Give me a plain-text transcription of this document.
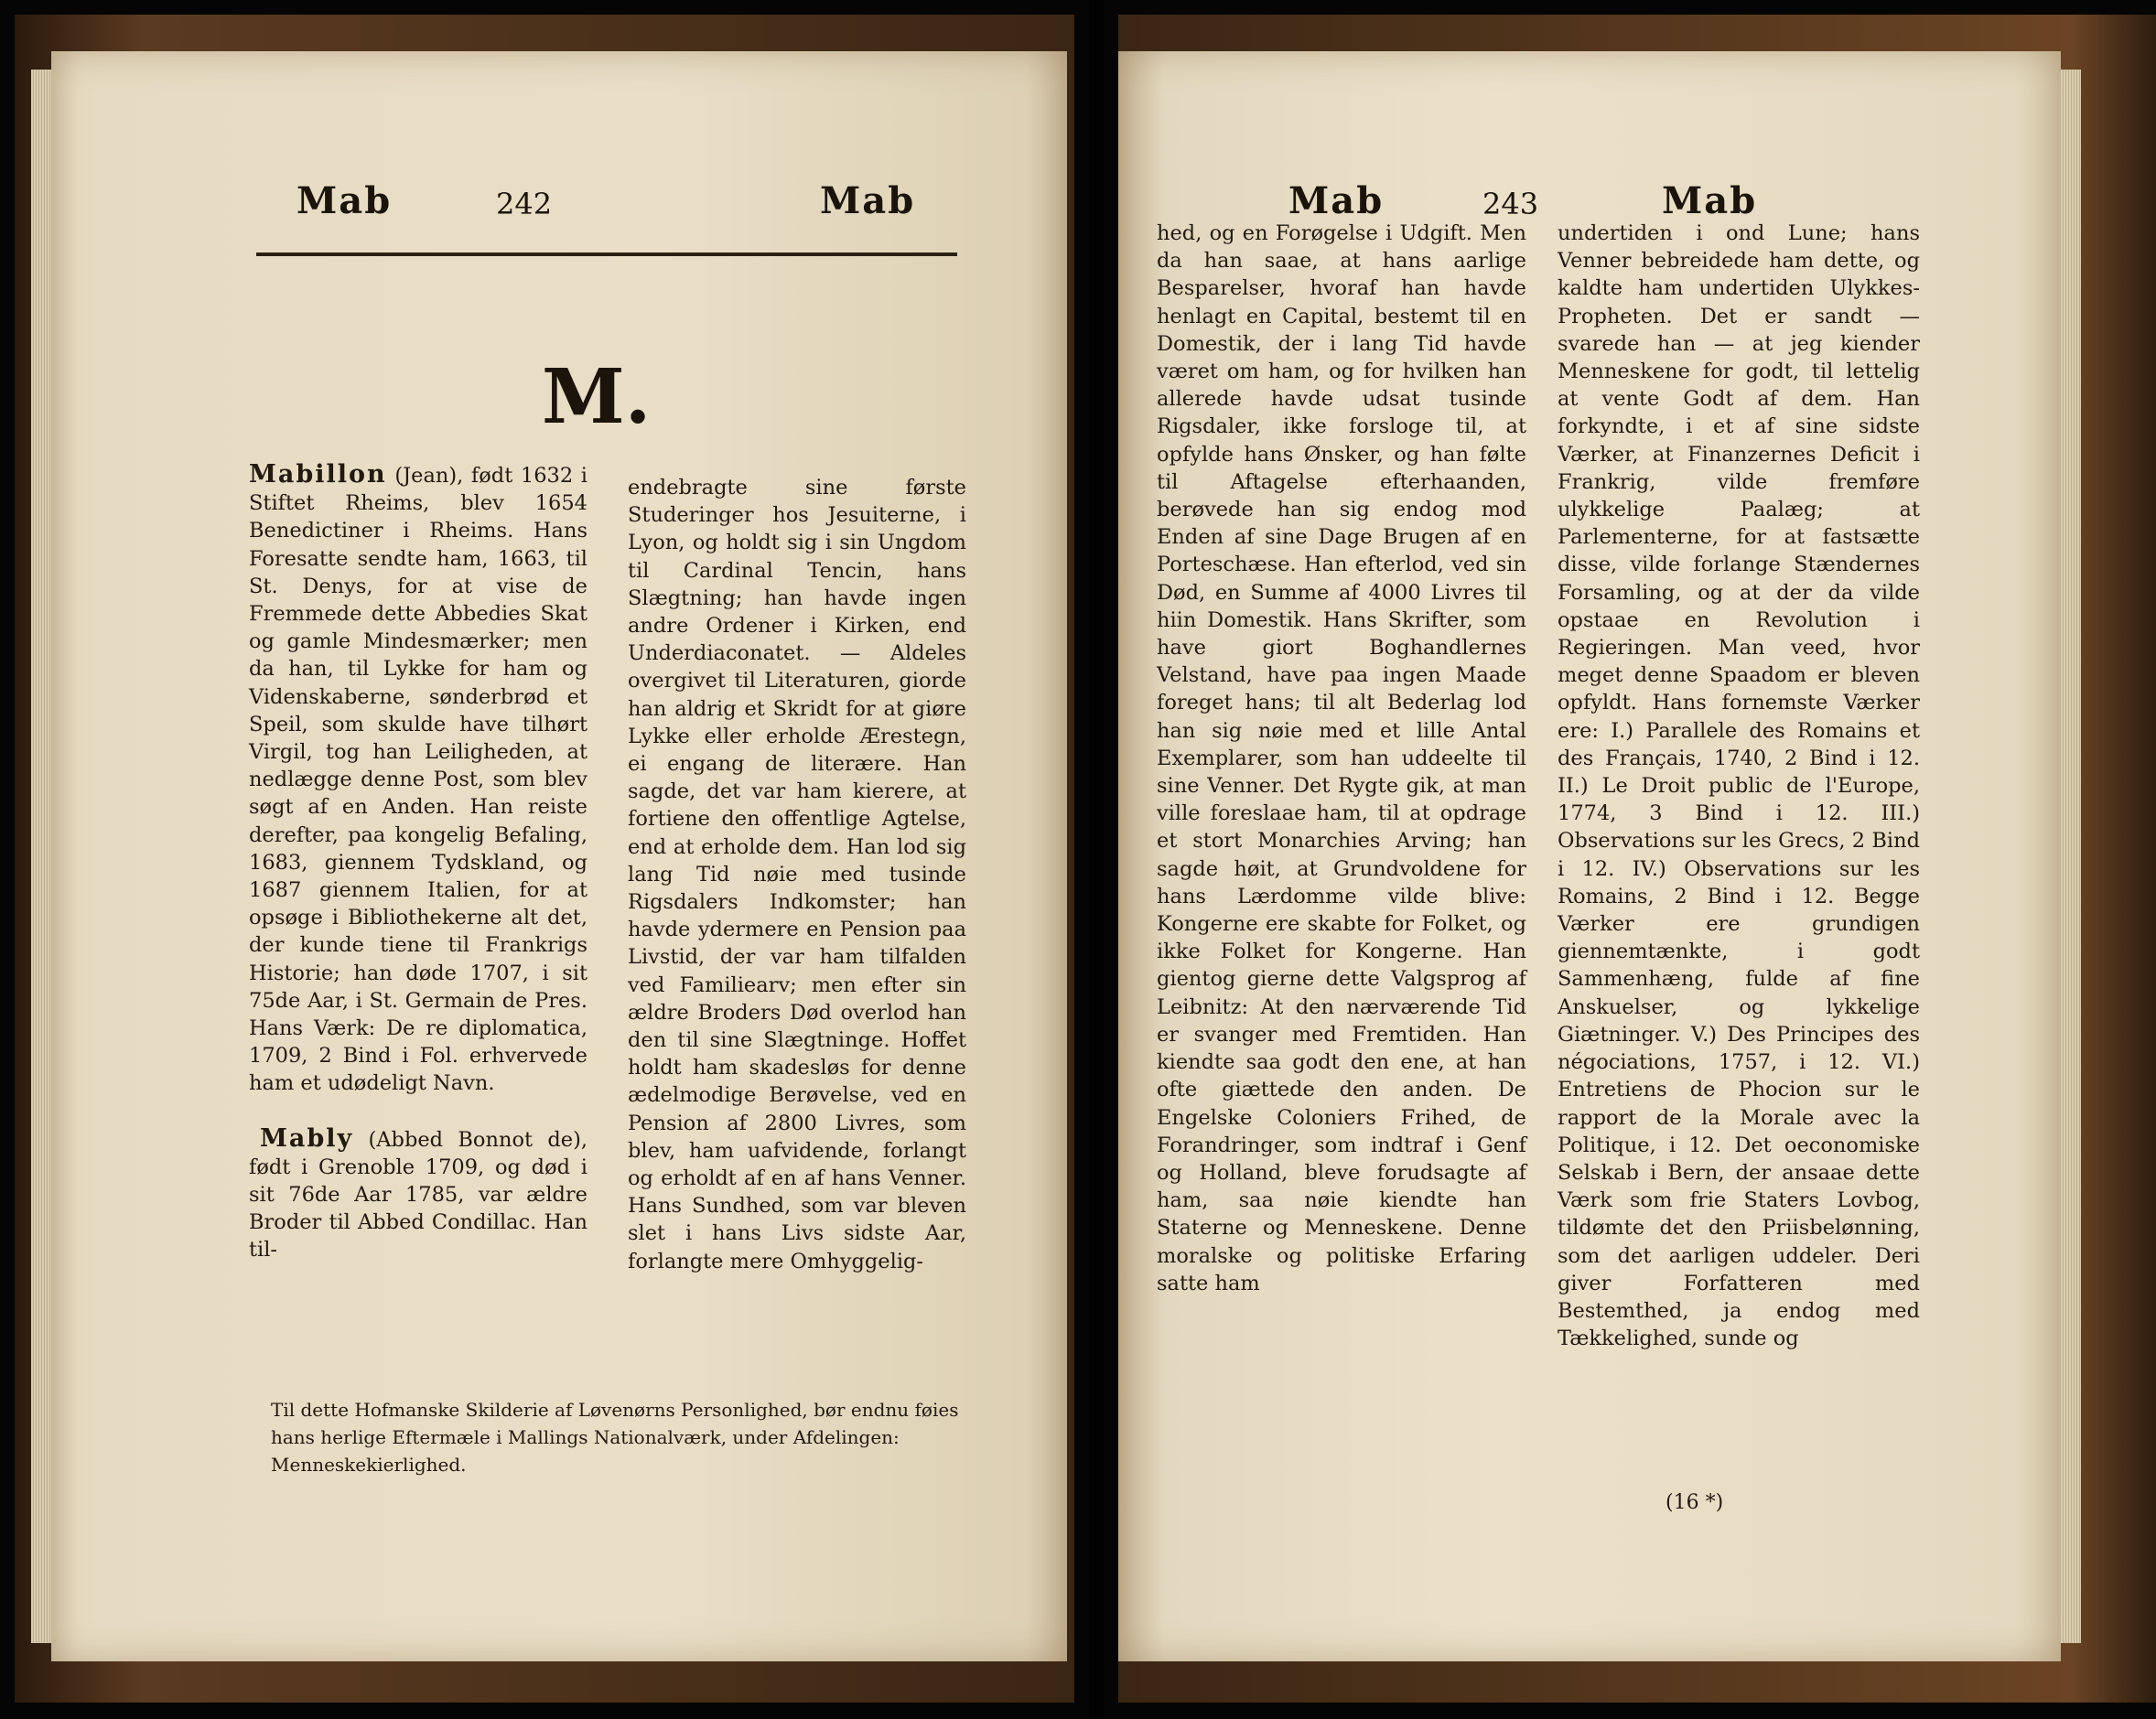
Mab	242	Mab
M.

Mabillon (Jean), født 1632 i Stiftet Rheims, blev 1654 Benedictiner i Rheims. Hans Foresatte sendte ham, 1663, til St. Denys, for at vise de Fremmede dette Abbedies Skat og gamle Mindesmærker; men da han, til Lykke for ham og Videnskaberne, sønderbrød et Speil, som skulde have tilhørt Virgil, tog han Leiligheden, at nedlægge denne Post, som blev søgt af en Anden. Han reiste derefter, paa kongelig Befaling, 1683, giennem Tydskland, og 1687 giennem Italien, for at opsøge i Bibliothekerne alt det, der kunde tiene til Frankrigs Historie; han døde 1707, i sit 75de Aar, i St. Germain de Pres. Hans Værk: De re diplomatica, 1709, 2 Bind i Fol. erhvervede ham et udødeligt Navn.

Mably (Abbed Bonnot de), født i Grenoble 1709, og død i sit 76de Aar 1785, var ældre Broder til Abbed Condillac. Han til-

endebragte sine første Studeringer hos Jesuiterne, i Lyon, og holdt sig i sin Ungdom til Cardinal Tencin, hans Slægtning; han havde ingen andre Ordener i Kirken, end Underdiaconatet. — Aldeles overgivet til Literaturen, giorde han aldrig et Skridt for at giøre Lykke eller erholde Ærestegn, ei engang de literære. Han sagde, det var ham kierere, at fortiene den offentlige Agtelse, end at erholde dem. Han lod sig lang Tid nøie med tusinde Rigsdalers Indkomster; han havde ydermere en Pension paa Livstid, der var ham tilfalden ved Familiearv; men efter sin ældre Broders Død overlod han den til sine Slægtninge. Hoffet holdt ham skadesløs for denne ædelmodige Berøvelse, ved en Pension af 2800 Livres, som blev, ham uafvidende, forlangt og erholdt af en af hans Venner. Hans Sundhed, som var bleven slet i hans Livs sidste Aar, forlangte mere Omhyggelig-

Til dette Hofmanske Skilderie af Løvenørns Personlighed, bør endnu føies hans herlige Eftermæle i Mallings Nationalværk, under Afdelingen: Menneskekierlighed.
Mab	243	Mab

hed, og en Forøgelse i Udgift. Men da han saae, at hans aarlige Besparelser, hvoraf han havde henlagt en Capital, bestemt til en Domestik, der i lang Tid havde været om ham, og for hvilken han allerede havde udsat tusinde Rigsdaler, ikke forsloge til, at opfylde hans Ønsker, og han følte til Aftagelse efterhaanden, berøvede han sig endog mod Enden af sine Dage Brugen af en Porteschæse. Han efterlod, ved sin Død, en Summe af 4000 Livres til hiin Domestik. Hans Skrifter, som have giort Boghandlernes Velstand, have paa ingen Maade foreget hans; til alt Bederlag lod han sig nøie med et lille Antal Exemplarer, som han uddeelte til sine Venner. Det Rygte gik, at man ville foreslaae ham, til at opdrage et stort Monarchies Arving; han sagde høit, at Grundvoldene for hans Lærdomme vilde blive: Kongerne ere skabte for Folket, og ikke Folket for Kongerne. Han gientog gierne dette Valgsprog af Leibnitz: At den nærværende Tid er svanger med Fremtiden. Han kiendte saa godt den ene, at han ofte giættede den anden. De Engelske Coloniers Frihed, de Forandringer, som indtraf i Genf og Holland, bleve forudsagte af ham, saa nøie kiendte han Staterne og Menneskene. Denne moralske og politiske Erfaring satte ham

undertiden i ond Lune; hans Venner bebreidede ham dette, og kaldte ham undertiden Ulykkes-Propheten. Det er sandt — svarede han — at jeg kiender Menneskene for godt, til lettelig at vente Godt af dem. Han forkyndte, i et af sine sidste Værker, at Finanzernes Deficit i Frankrig, vilde fremføre ulykkelige Paalæg; at Parlementerne, for at fastsætte disse, vilde forlange Stændernes Forsamling, og at der da vilde opstaae en Revolution i Regieringen. Man veed, hvor meget denne Spaadom er bleven opfyldt. Hans fornemste Værker ere: I.) Parallele des Romains et des Français, 1740, 2 Bind i 12. II.) Le Droit public de l'Europe, 1774, 3 Bind i 12. III.) Observations sur les Grecs, 2 Bind i 12. IV.) Observations sur les Romains, 2 Bind i 12. Begge Værker ere grundigen giennemtænkte, i godt Sammenhæng, fulde af fine Anskuelser, og lykkelige Giætninger. V.) Des Principes des négociations, 1757, i 12. VI.) Entretiens de Phocion sur le rapport de la Morale avec la Politique, i 12. Det oeconomiske Selskab i Bern, der ansaae dette Værk som frie Staters Lovbog, tildømte det den Priisbelønning, som det aarligen uddeler. Deri giver Forfatteren med Bestemthed, ja endog med Tækkelighed, sunde og

(16 *)
